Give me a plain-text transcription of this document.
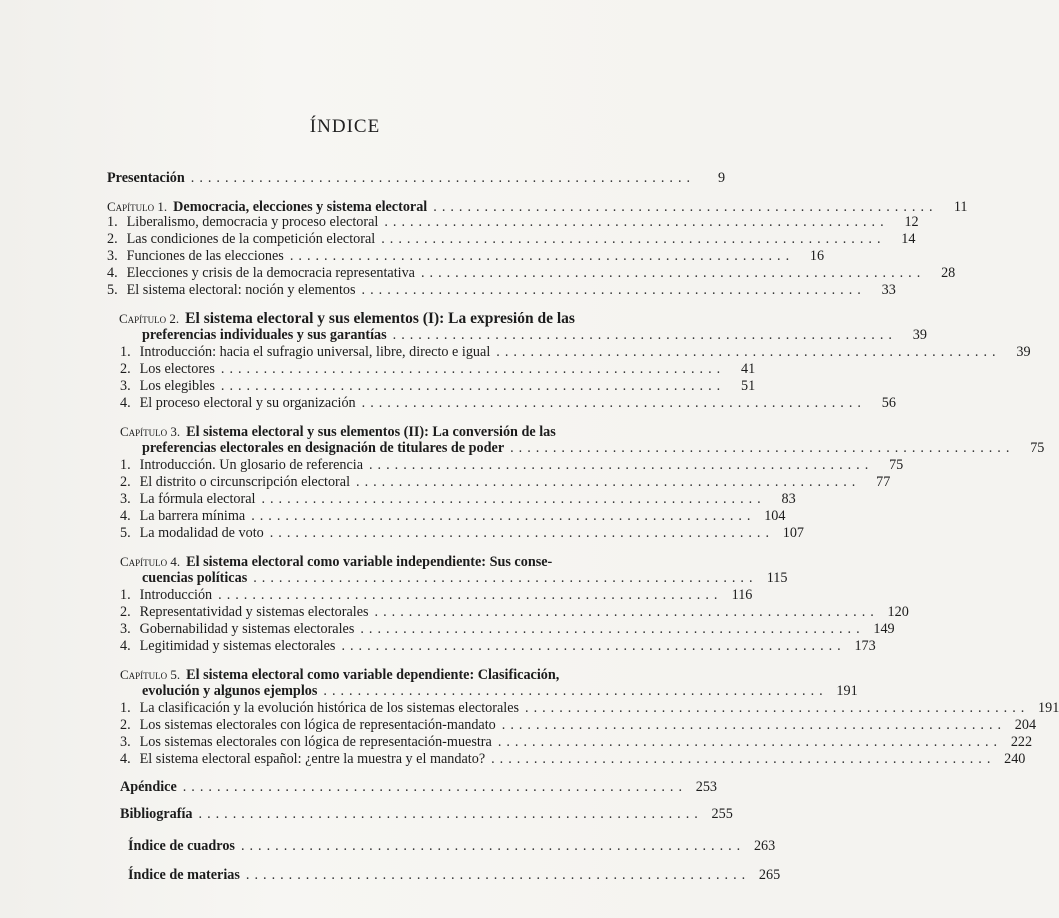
ÍNDICE
Presentación ...........................................................	9
Capítulo 1. Democracia, elecciones y sistema electoral ...........................................................	11
1. Liberalismo, democracia y proceso electoral ...........................................................	12
2. Las condiciones de la competición electoral ...........................................................	14
3. Funciones de las elecciones ...........................................................	16
4. Elecciones y crisis de la democracia representativa ...........................................................	28
5. El sistema electoral: noción y elementos ...........................................................	33
Capítulo 2. El sistema electoral y sus elementos (I): La expresión de las
preferencias individuales y sus garantías ...........................................................	39
1. Introducción: hacia el sufragio universal, libre, directo e igual ...........................................................	39
2. Los electores ...........................................................	41
3. Los elegibles ...........................................................	51
4. El proceso electoral y su organización ...........................................................	56
Capítulo 3. El sistema electoral y sus elementos (II): La conversión de las
preferencias electorales en designación de titulares de poder ...........................................................	75
1. Introducción. Un glosario de referencia ...........................................................	75
2. El distrito o circunscripción electoral ...........................................................	77
3. La fórmula electoral ...........................................................	83
4. La barrera mínima ........................................................... 104
5. La modalidad de voto ........................................................... 107
Capítulo 4. El sistema electoral como variable independiente: Sus conse-
cuencias políticas ........................................................... 115
1. Introducción ........................................................... 116
2. Representatividad y sistemas electorales ........................................................... 120
3. Gobernabilidad y sistemas electorales ........................................................... 149
4. Legitimidad y sistemas electorales ........................................................... 173
Capítulo 5. El sistema electoral como variable dependiente: Clasificación,
evolución y algunos ejemplos ........................................................... 191
1. La clasificación y la evolución histórica de los sistemas electorales ........................................................... 191
2. Los sistemas electorales con lógica de representación-mandato ........................................................... 204
3. Los sistemas electorales con lógica de representación-muestra ........................................................... 222
4. El sistema electoral español: ¿entre la muestra y el mandato? ........................................................... 240
Apéndice ........................................................... 253
Bibliografía ........................................................... 255
Índice de cuadros ........................................................... 263
Índice de materias ........................................................... 265
